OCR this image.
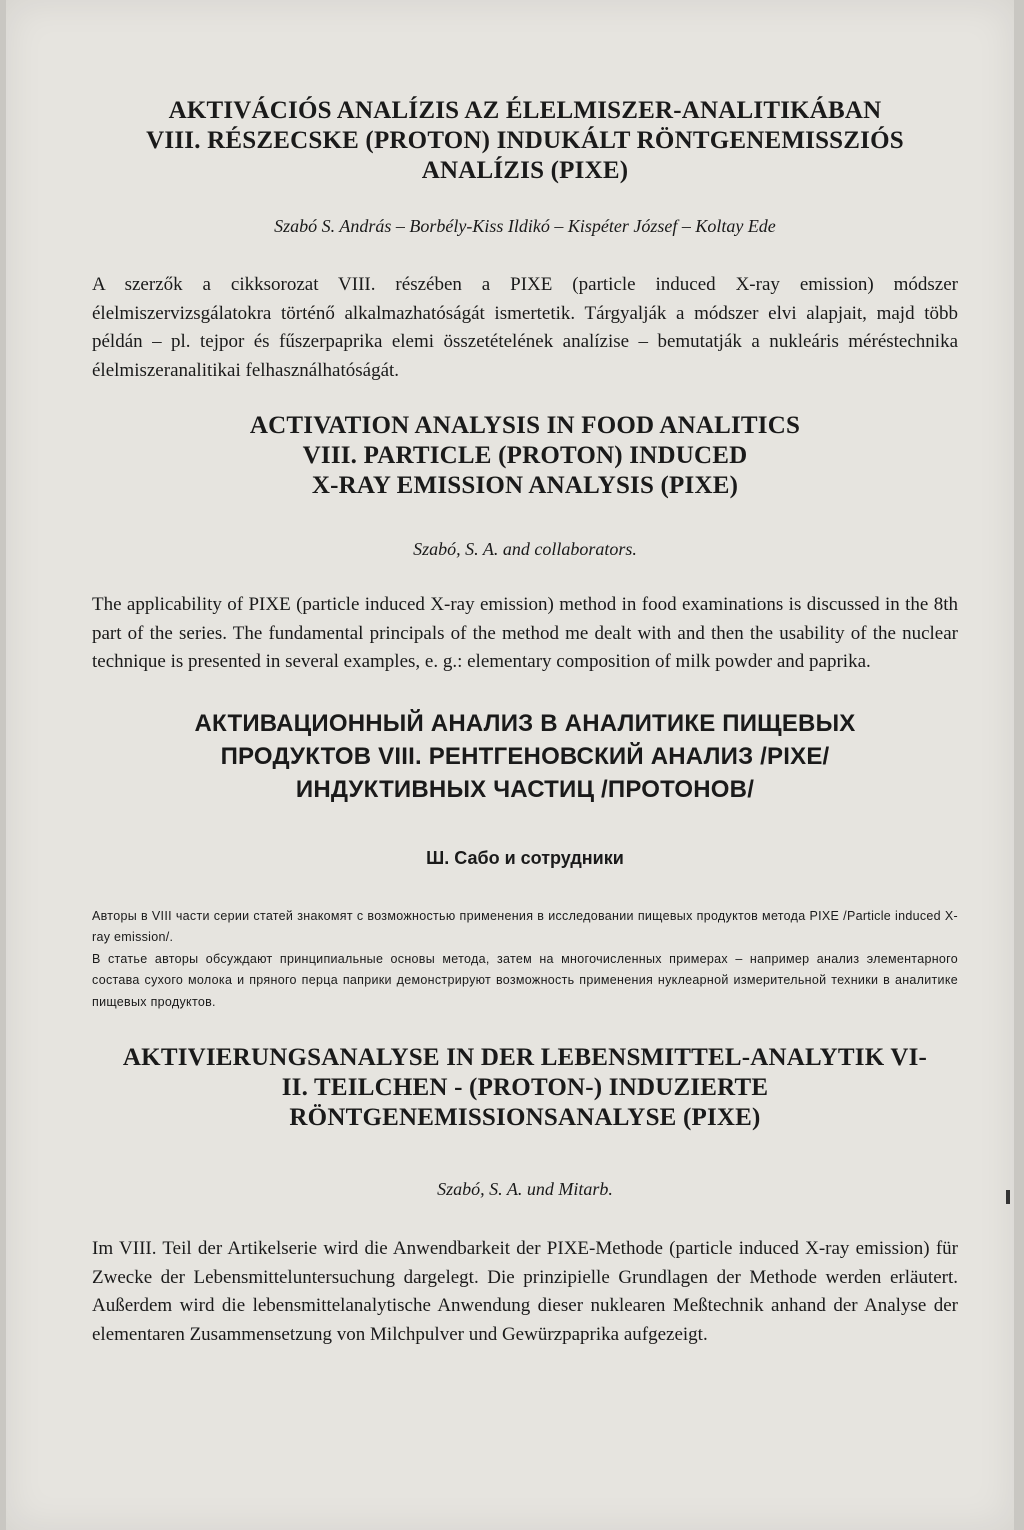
AKTIVÁCIÓS ANALÍZIS AZ ÉLELMISZER-ANALITIKÁBAN
VIII. RÉSZECSKE (PROTON) INDUKÁLT RÖNTGENEMISSZIÓS
ANALÍZIS (PIXE)

Szabó S. András – Borbély-Kiss Ildikó – Kispéter József – Koltay Ede

A szerzők a cikksorozat VIII. részében a PIXE (particle induced X-ray emission) módszer élelmiszervizsgálatokra történő alkalmazhatóságát ismertetik. Tárgyalják a módszer elvi alapjait, majd több példán – pl. tejpor és fűszerpaprika elemi összetételének analízise – bemutatják a nukleáris méréstechnika élelmiszeranalitikai felhasználhatóságát.

ACTIVATION ANALYSIS IN FOOD ANALITICS
VIII. PARTICLE (PROTON) INDUCED
X-RAY EMISSION ANALYSIS (PIXE)

Szabó, S. A. and collaborators.

The applicability of PIXE (particle induced X-ray emission) method in food examinations is discussed in the 8th part of the series. The fundamental principals of the method me dealt with and then the usability of the nuclear technique is presented in several examples, e. g.: elementary composition of milk powder and paprika.

АКТИВАЦИОННЫЙ АНАЛИЗ В АНАЛИТИКЕ ПИЩЕВЫХ
ПРОДУКТОВ VIII. РЕНТГЕНОВСКИЙ АНАЛИЗ /PIXE/
ИНДУКТИВНЫХ ЧАСТИЦ /ПРОТОНОВ/

Ш. Сабо и сотрудники

Авторы в VIII части серии статей знакомят с возможностью применения в исследовании пищевых продуктов метода PIXE /Particle induced X-ray emission/.
В статье авторы обсуждают принципиальные основы метода, затем на многочисленных примерах – например анализ элементарного состава сухого молока и пряного перца паприки демонстрируют возможность применения нуклеарной измерительной техники в аналитике пищевых продуктов.

AKTIVIERUNGSANALYSE IN DER LEBENSMITTEL-ANALYTIK VI-
II. TEILCHEN - (PROTON-) INDUZIERTE
RÖNTGENEMISSIONSANALYSE (PIXE)

Szabó, S. A. und Mitarb.

Im VIII. Teil der Artikelserie wird die Anwendbarkeit der PIXE-Methode (particle induced X-ray emission) für Zwecke der Lebensmitteluntersuchung dargelegt. Die prinzipielle Grundlagen der Methode werden erläutert. Außerdem wird die lebensmittelanalytische Anwendung dieser nuklearen Meßtechnik anhand der Analyse der elementaren Zusammensetzung von Milchpulver und Gewürzpaprika aufgezeigt.
